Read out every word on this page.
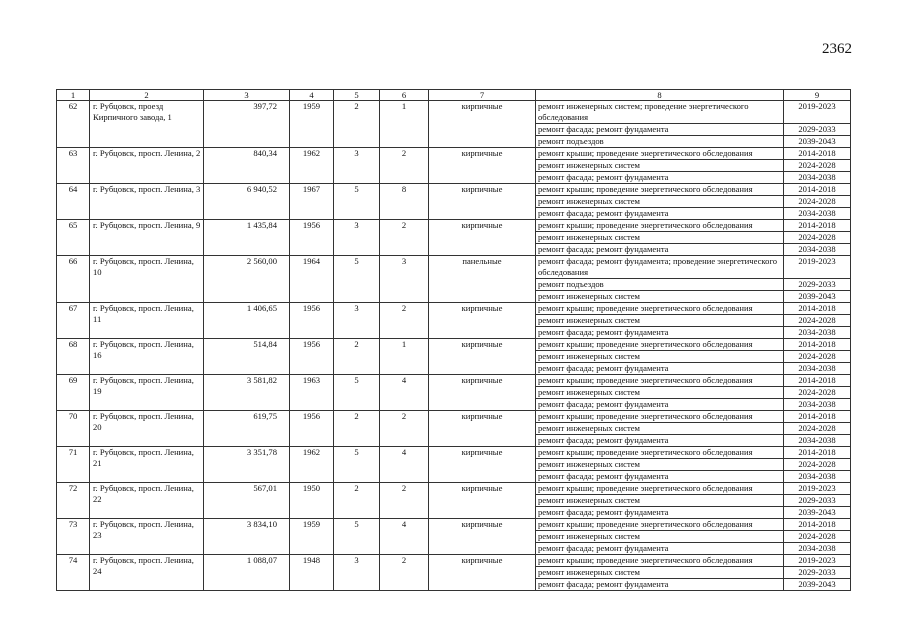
2362
1	2	3	4	5	6	7	8	9
62	г. Рубцовск, проезд Кирпичного завода, 1	397,72	1959	2	1	кирпичные	ремонт инженерных систем; проведение энергетического обследования	2019-2023
							ремонт фасада; ремонт фундамента	2029-2033
							ремонт подъездов	2039-2043
63	г. Рубцовск, просп. Ленина, 2	840,34	1962	3	2	кирпичные	ремонт крыши; проведение энергетического обследования	2014-2018
							ремонт инженерных систем	2024-2028
							ремонт фасада; ремонт фундамента	2034-2038
64	г. Рубцовск, просп. Ленина, 3	6 940,52	1967	5	8	кирпичные	ремонт крыши; проведение энергетического обследования	2014-2018
							ремонт инженерных систем	2024-2028
							ремонт фасада; ремонт фундамента	2034-2038
65	г. Рубцовск, просп. Ленина, 9	1 435,84	1956	3	2	кирпичные	ремонт крыши; проведение энергетического обследования	2014-2018
							ремонт инженерных систем	2024-2028
							ремонт фасада; ремонт фундамента	2034-2038
66	г. Рубцовск, просп. Ленина, 10	2 560,00	1964	5	3	панельные	ремонт фасада; ремонт фундамента; проведение энергетического обследования	2019-2023
							ремонт подъездов	2029-2033
							ремонт инженерных систем	2039-2043
67	г. Рубцовск, просп. Ленина, 11	1 406,65	1956	3	2	кирпичные	ремонт крыши; проведение энергетического обследования	2014-2018
							ремонт инженерных систем	2024-2028
							ремонт фасада; ремонт фундамента	2034-2038
68	г. Рубцовск, просп. Ленина, 16	514,84	1956	2	1	кирпичные	ремонт крыши; проведение энергетического обследования	2014-2018
							ремонт инженерных систем	2024-2028
							ремонт фасада; ремонт фундамента	2034-2038
69	г. Рубцовск, просп. Ленина, 19	3 581,82	1963	5	4	кирпичные	ремонт крыши; проведение энергетического обследования	2014-2018
							ремонт инженерных систем	2024-2028
							ремонт фасада; ремонт фундамента	2034-2038
70	г. Рубцовск, просп. Ленина, 20	619,75	1956	2	2	кирпичные	ремонт крыши; проведение энергетического обследования	2014-2018
							ремонт инженерных систем	2024-2028
							ремонт фасада; ремонт фундамента	2034-2038
71	г. Рубцовск, просп. Ленина, 21	3 351,78	1962	5	4	кирпичные	ремонт крыши; проведение энергетического обследования	2014-2018
							ремонт инженерных систем	2024-2028
							ремонт фасада; ремонт фундамента	2034-2038
72	г. Рубцовск, просп. Ленина, 22	567,01	1950	2	2	кирпичные	ремонт крыши; проведение энергетического обследования	2019-2023
							ремонт инженерных систем	2029-2033
							ремонт фасада; ремонт фундамента	2039-2043
73	г. Рубцовск, просп. Ленина, 23	3 834,10	1959	5	4	кирпичные	ремонт крыши; проведение энергетического обследования	2014-2018
							ремонт инженерных систем	2024-2028
							ремонт фасада; ремонт фундамента	2034-2038
74	г. Рубцовск, просп. Ленина, 24	1 088,07	1948	3	2	кирпичные	ремонт крыши; проведение энергетического обследования	2019-2023
							ремонт инженерных систем	2029-2033
							ремонт фасада; ремонт фундамента	2039-2043
